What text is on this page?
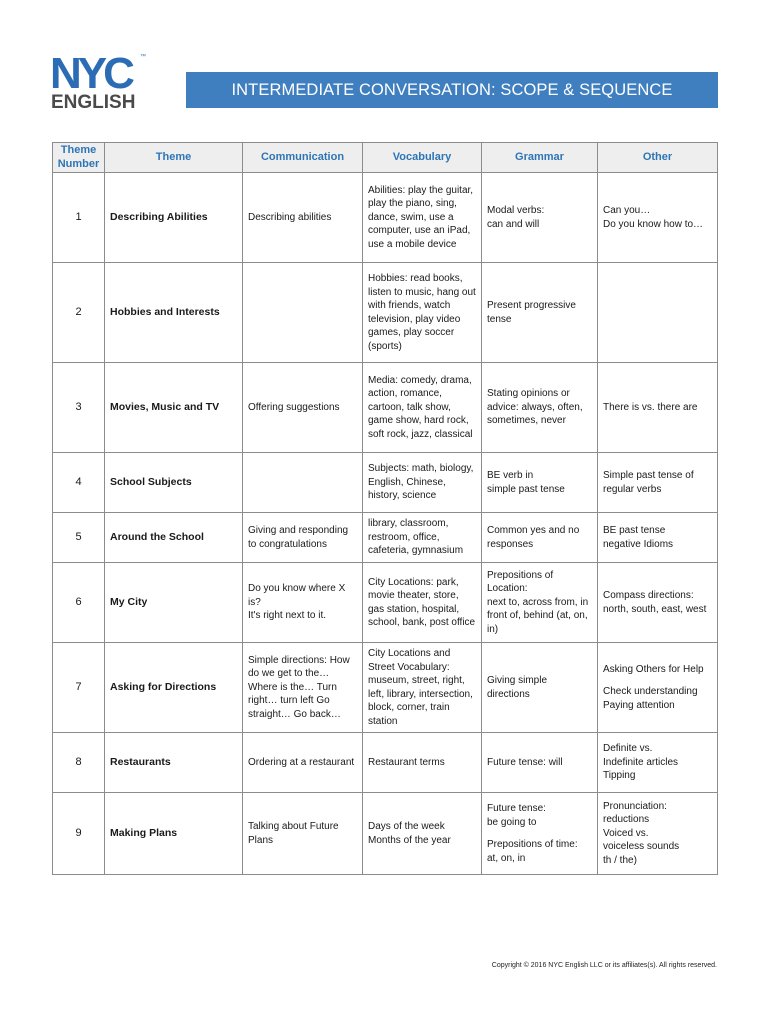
NYC	™
ENGLISH
INTERMEDIATE CONVERSATION: SCOPE & SEQUENCE
Theme Number	Theme	Communication	Vocabulary	Grammar	Other
1	Describing Abilities	Describing abilities	Abilities: play the guitar, play the piano, sing, dance, swim, use a computer, use an iPad, use a mobile device	Modal verbs:
can and will	Can you…
Do you know how to…

2	Hobbies and Interests		Hobbies: read books, listen to music, hang out with friends, watch television, play video games, play soccer (sports)	Present progressive tense	

3	Movies, Music and TV	Offering suggestions	Media: comedy, drama, action, romance, cartoon, talk show, game show, hard rock, soft rock, jazz, classical	Stating opinions or advice: always, often, sometimes, never	There is vs. there are

4	School Subjects		Subjects: math, biology, English, Chinese, history, science	BE verb in
simple past tense	Simple past tense of regular verbs

5	Around the School	Giving and responding to congratulations	library, classroom, restroom, office, cafeteria, gymnasium	Common yes and no responses	BE past tense
negative Idioms

6	My City	Do you know where X is?
It's right next to it.	City Locations: park, movie theater, store, gas station, hospital, school, bank, post office	Prepositions of Location:
next to, across from, in front of, behind (at, on, in)	Compass directions: north, south, east, west

7	Asking for Directions	Simple directions: How do we get to the… Where is the… Turn right… turn left Go straight… Go back…	City Locations and Street Vocabulary: museum, street, right, left, library, intersection, block, corner, train station	Giving simple directions	Asking Others for Help
Check understanding
Paying attention

8	Restaurants	Ordering at a restaurant	Restaurant terms	Future tense: will	Definite vs.
Indefinite articles
Tipping

9	Making Plans	Talking about Future Plans	Days of the week
Months of the year	Future tense:
be going to
Prepositions of time:
at, on, in	Pronunciation:
reductions
Voiced vs.
voiceless sounds
th / the)
Copyright © 2016 NYC English LLC or its affiliates(s). All rights reserved.
